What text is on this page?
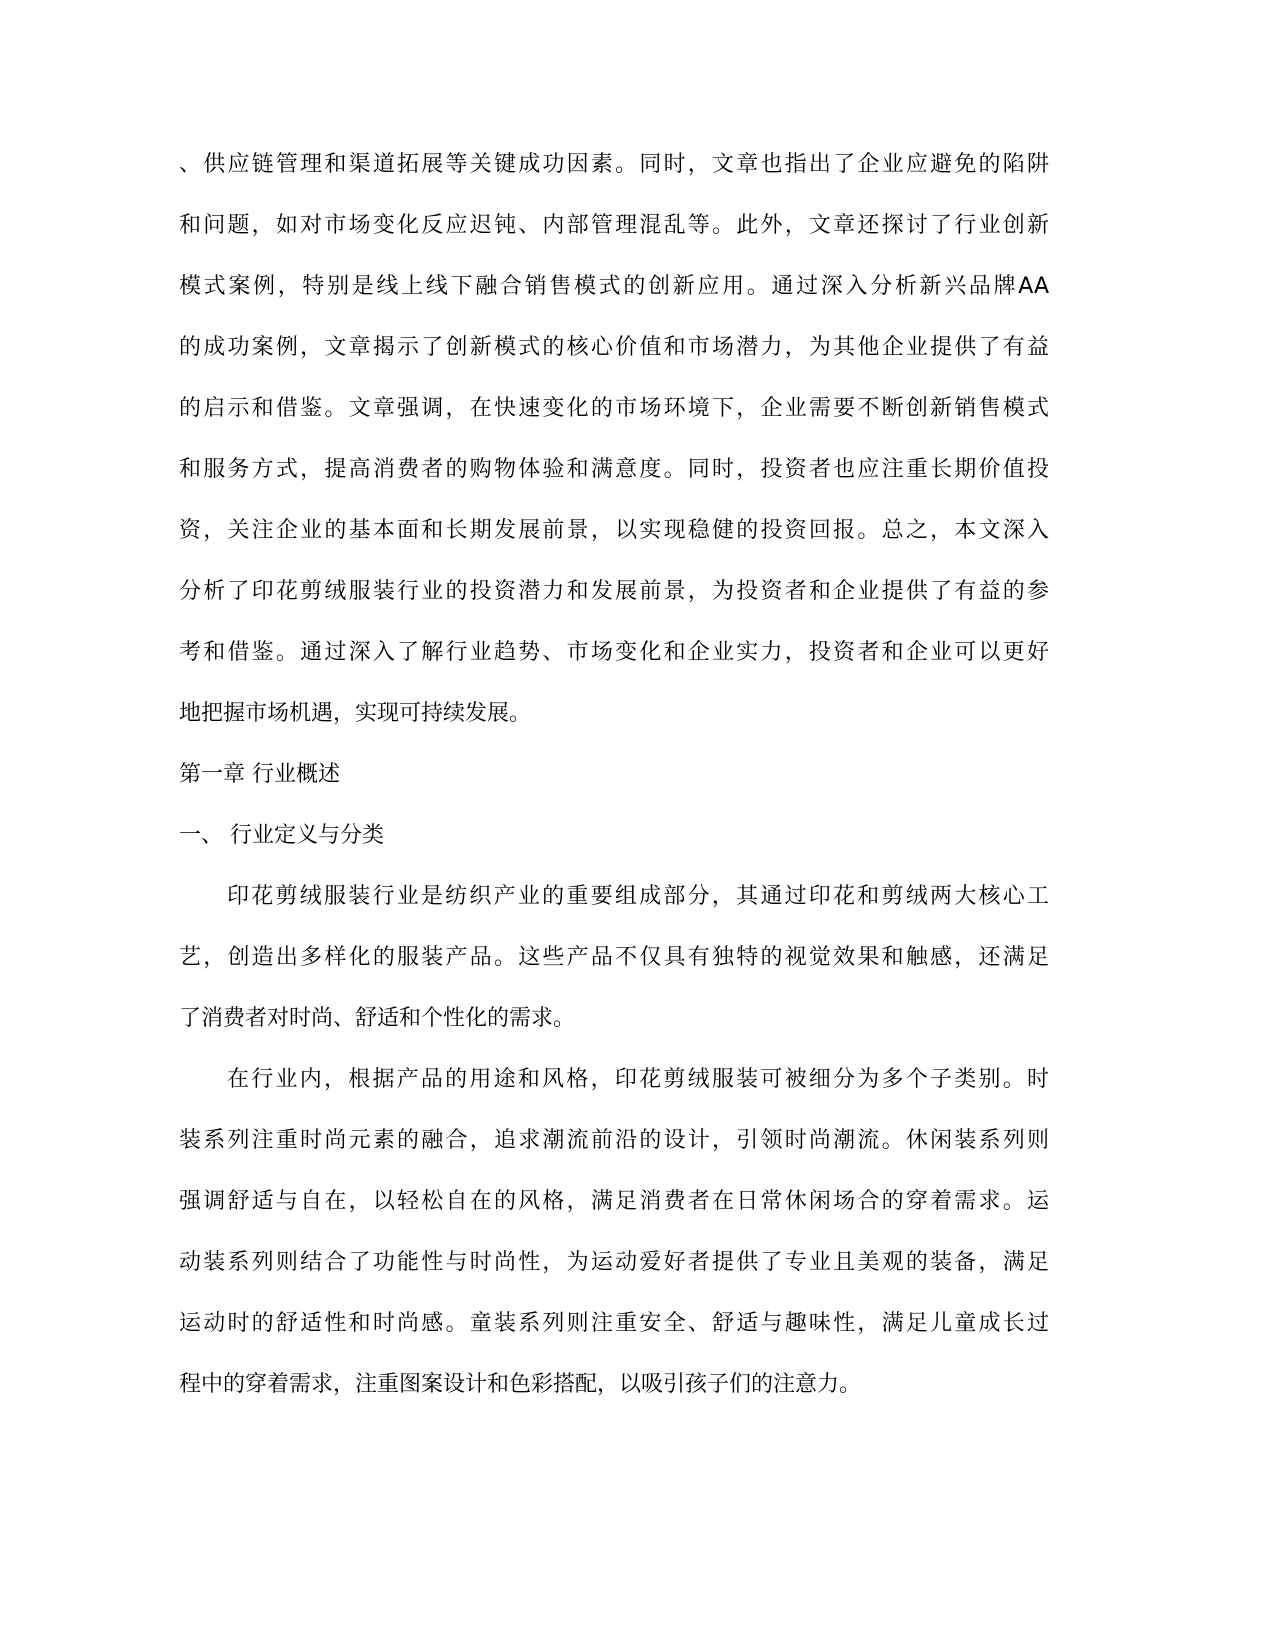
、供应链管理和渠道拓展等关键成功因素。同时，文章也指出了企业应避免的陷阱
和问题，如对市场变化反应迟钝、内部管理混乱等。此外，文章还探讨了行业创新
模式案例，特别是线上线下融合销售模式的创新应用。通过深入分析新兴品牌AA
的成功案例，文章揭示了创新模式的核心价值和市场潜力，为其他企业提供了有益
的启示和借鉴。文章强调，在快速变化的市场环境下，企业需要不断创新销售模式
和服务方式，提高消费者的购物体验和满意度。同时，投资者也应注重长期价值投
资，关注企业的基本面和长期发展前景，以实现稳健的投资回报。总之，本文深入
分析了印花剪绒服装行业的投资潜力和发展前景，为投资者和企业提供了有益的参
考和借鉴。通过深入了解行业趋势、市场变化和企业实力，投资者和企业可以更好
地把握市场机遇，实现可持续发展。
第一章 行业概述
一、 行业定义与分类
印花剪绒服装行业是纺织产业的重要组成部分，其通过印花和剪绒两大核心工
艺，创造出多样化的服装产品。这些产品不仅具有独特的视觉效果和触感，还满足
了消费者对时尚、舒适和个性化的需求。
在行业内，根据产品的用途和风格，印花剪绒服装可被细分为多个子类别。时
装系列注重时尚元素的融合，追求潮流前沿的设计，引领时尚潮流。休闲装系列则
强调舒适与自在，以轻松自在的风格，满足消费者在日常休闲场合的穿着需求。运
动装系列则结合了功能性与时尚性，为运动爱好者提供了专业且美观的装备，满足
运动时的舒适性和时尚感。童装系列则注重安全、舒适与趣味性，满足儿童成长过
程中的穿着需求，注重图案设计和色彩搭配，以吸引孩子们的注意力。
